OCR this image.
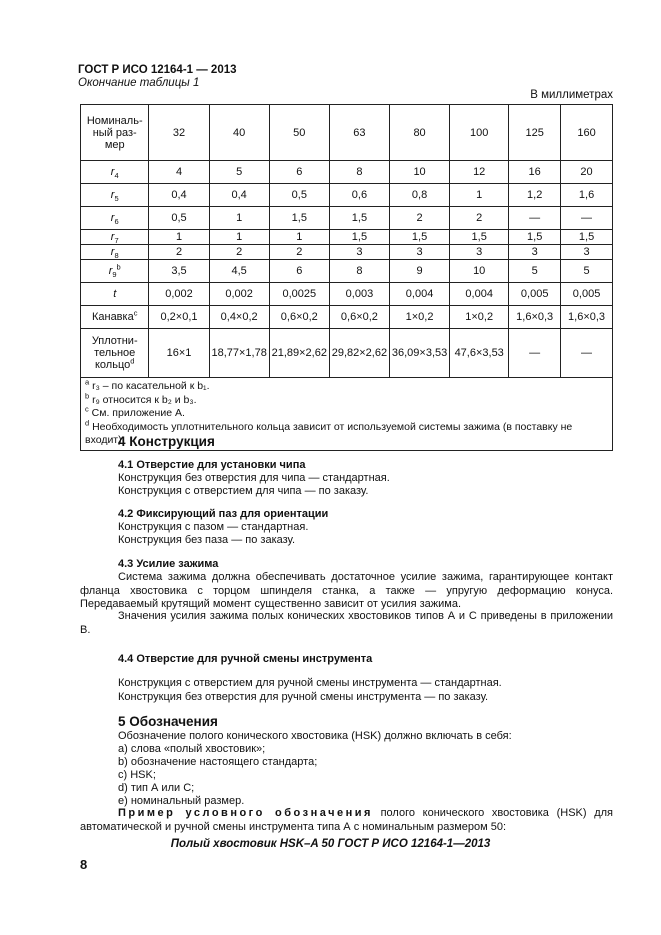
ГОСТ Р ИСО 12164-1 — 2013
Окончание таблицы 1
В миллиметрах
Номиналь-
ный раз-
мер	32	40	50	63	80	100	125	160
$r_4$	4	5	6	8	10	12	16	20
$r_5$	0,4	0,4	0,5	0,6	0,8	1	1,2	1,6
$r_6$	0,5	1	1,5	1,5	2	2	—	—
$r_7$	1	1	1	1,5	1,5	1,5	1,5	1,5
$r_8$	2	2	2	3	3	3	3	3
$r_9^b$	3,5	4,5	6	8	9	10	5	5
t	0,002	0,002	0,0025	0,003	0,004	0,004	0,005	0,005
Канавка$^c$	0,2×0,1	0,4×0,2	0,6×0,2	0,6×0,2	1×0,2	1×0,2	1,6×0,3	1,6×0,3
Уплотни-
тельное
кольцо$^d$	16×1	18,77×1,78	21,89×2,62	29,82×2,62	36,09×3,53	47,6×3,53	—	—

$^a$ r₃ – по касательной к b₁.
$^b$ r₉ относится к b₂ и b₃.
$^c$ См. приложение А.
$^d$ Необходимость уплотнительного кольца зависит от используемой системы зажима (в поставку не входит).								
4 Конструкция
4.1 Отверстие для установки чипа
Конструкция без отверстия для чипа — стандартная.
Конструкция с отверстием для чипа — по заказу.
4.2 Фиксирующий паз для ориентации
Конструкция с пазом — стандартная.
Конструкция без паза — по заказу.
4.3 Усилие зажима
Система зажима должна обеспечивать достаточное усилие зажима, гарантирующее контакт фланца хвостовика с торцом шпинделя станка, а также — упругую деформацию конуса. Передаваемый крутящий момент существенно зависит от усилия зажима.
Значения усилия зажима полых конических хвостовиков типов А и С приведены в приложении В.
4.4 Отверстие для ручной смены инструмента
Конструкция с отверстием для ручной смены инструмента — стандартная.
Конструкция без отверстия для ручной смены инструмента — по заказу.
5 Обозначения
Обозначение полого конического хвостовика (HSK) должно включать в себя:
a) слова «полый хвостовик»;
b) обозначение настоящего стандарта;
c) HSK;
d) тип А или С;
e) номинальный размер.
Пример условного обозначения полого конического хвостовика (HSK) для автоматической и ручной смены инструмента типа А с номинальным размером 50:
Полый хвостовик HSK–A 50 ГОСТ Р ИСО 12164-1—2013
8
